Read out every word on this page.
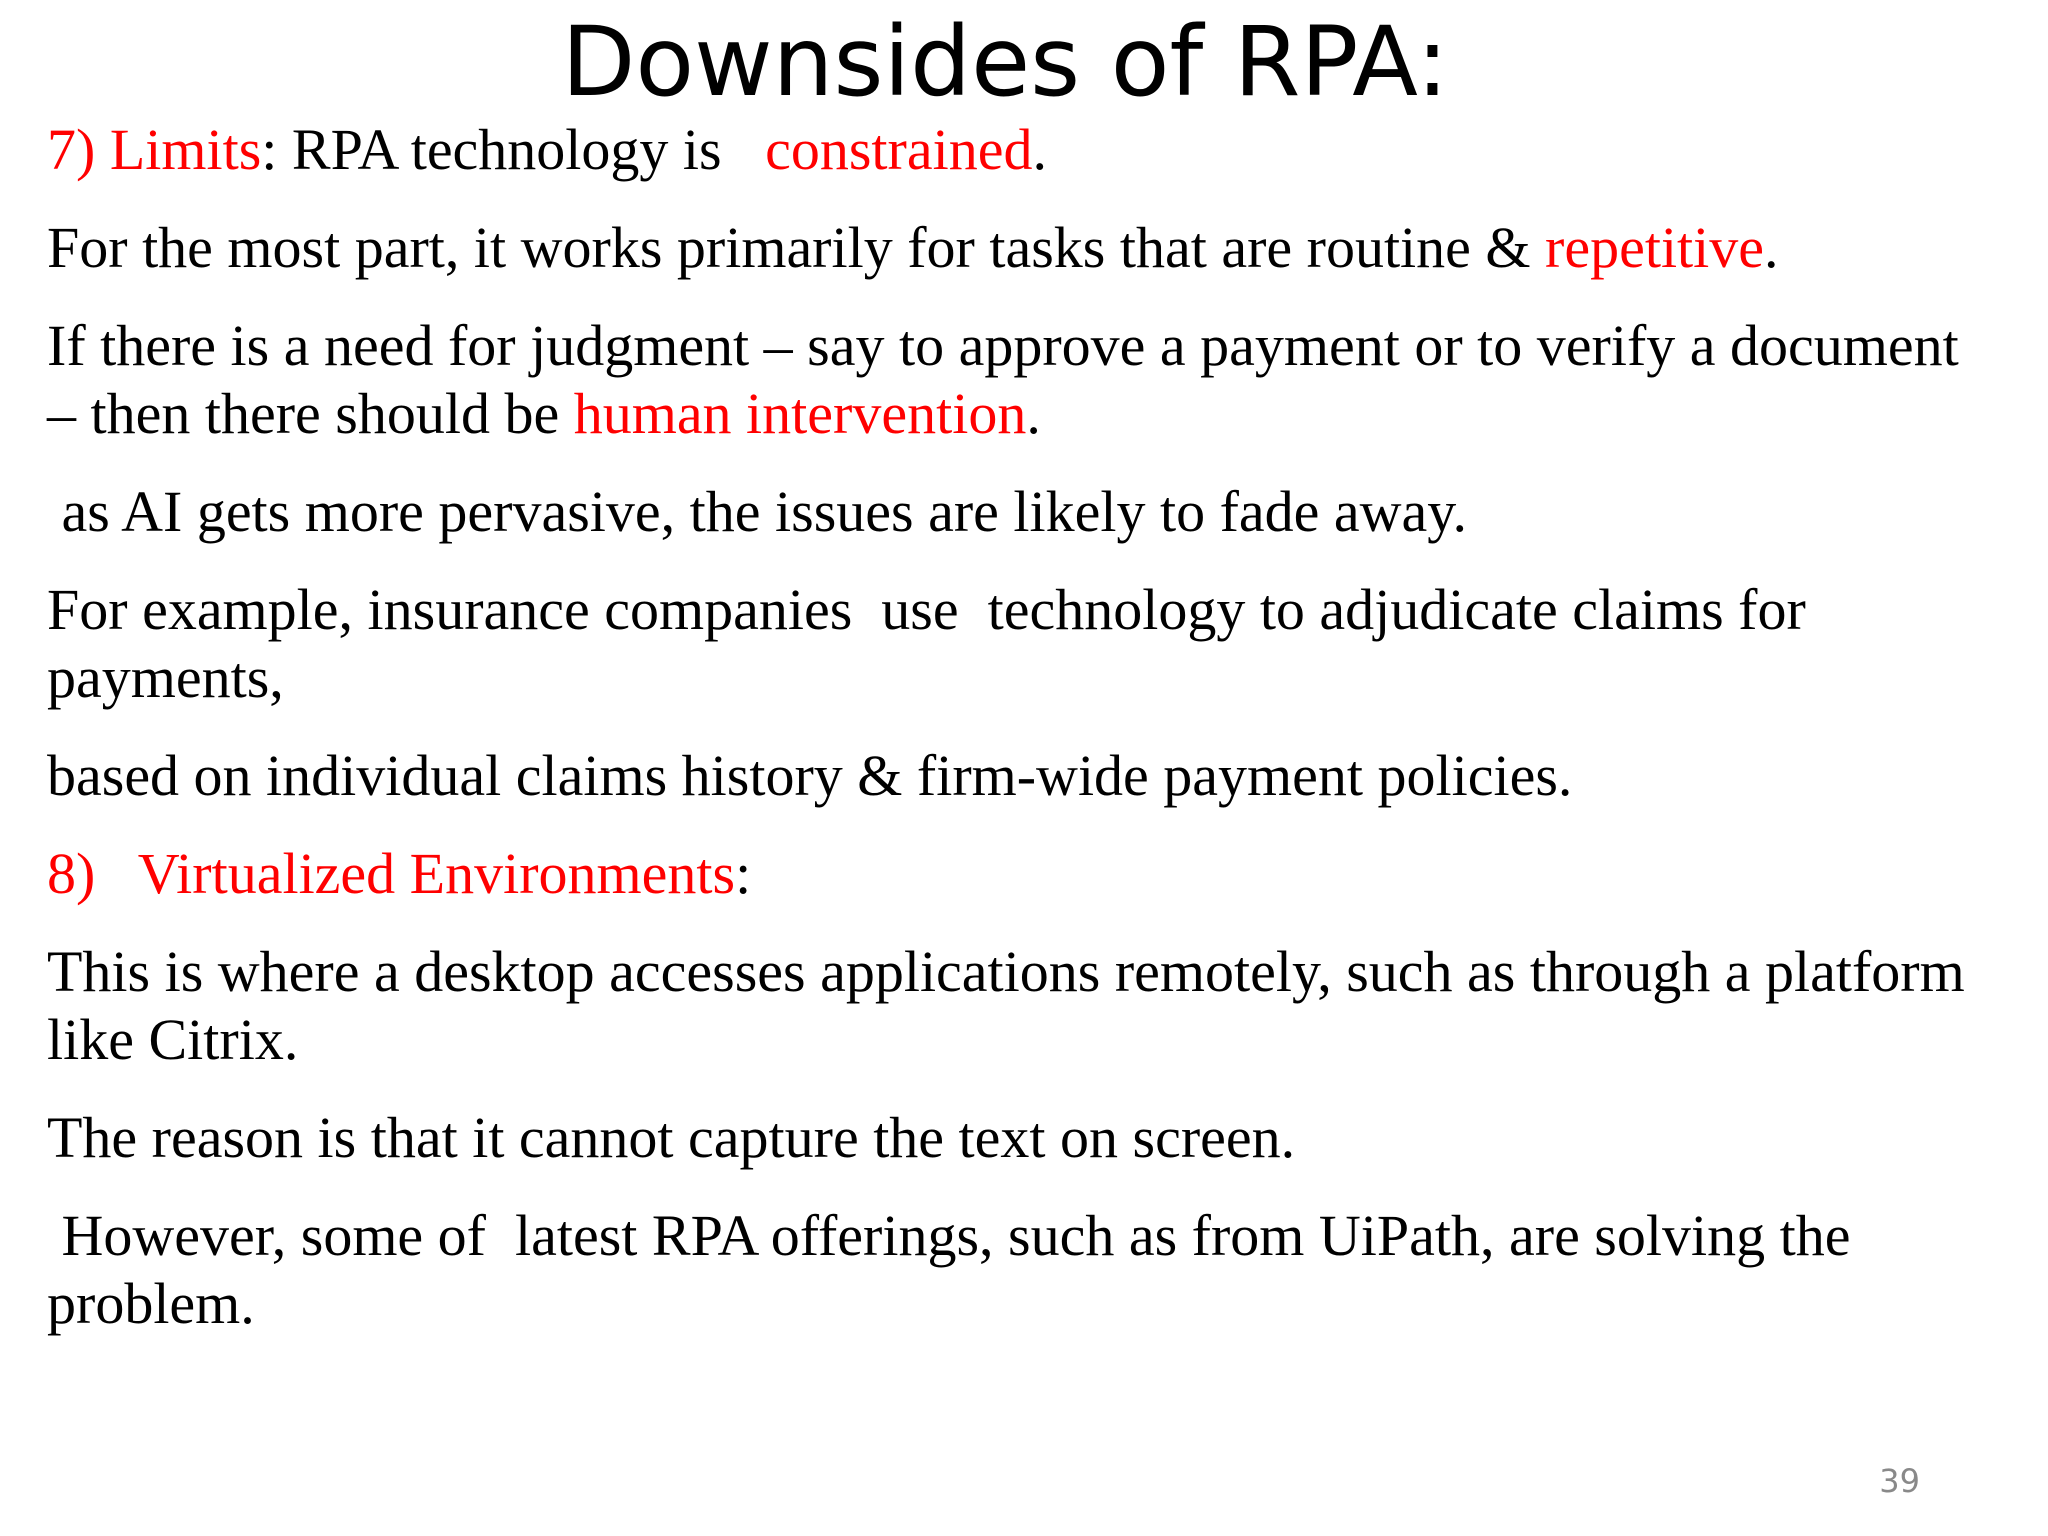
Downsides of RPA:

7) Limits: RPA technology is   constrained.

For the most part, it works primarily for tasks that are routine & repetitive.

If there is a need for judgment – say to approve a payment or to verify a document – then there should be human intervention.

as AI gets more pervasive, the issues are likely to fade away.

For example, insurance companies  use  technology to adjudicate claims for payments,

based on individual claims history & firm-wide payment policies.

8)   Virtualized Environments:

This is where a desktop accesses applications remotely, such as through a platform like Citrix.

The reason is that it cannot capture the text on screen.

However, some of  latest RPA offerings, such as from UiPath, are solving the problem.

39
